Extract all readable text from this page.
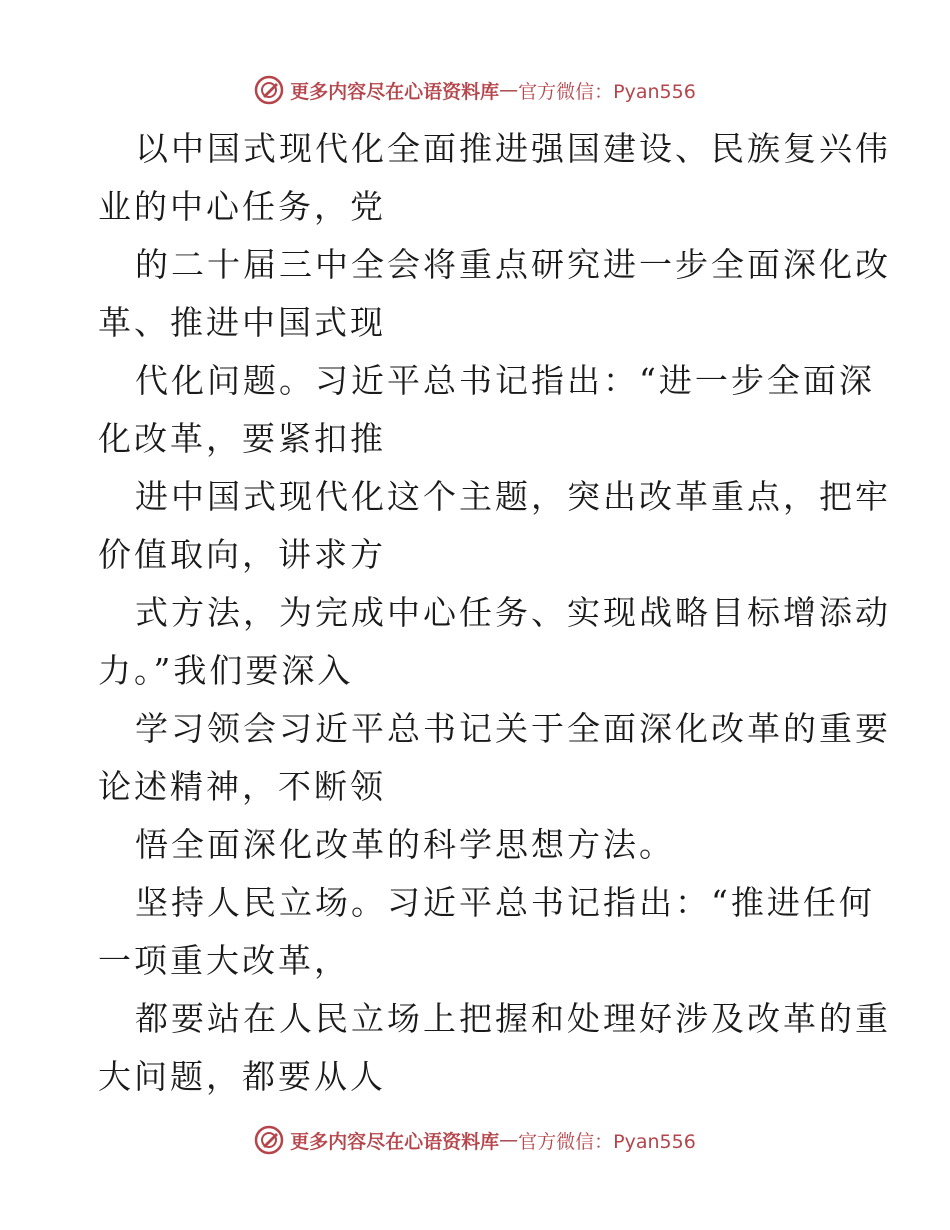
更多内容尽在心语资料库 — 官方微信：Pyan556
以中国式现代化全面推进强国建设、民族复兴伟
业的中心任务，党
的二十届三中全会将重点研究进一步全面深化改
革、推进中国式现
代化问题。习近平总书记指出：“进一步全面深
化改革，要紧扣推
进中国式现代化这个主题，突出改革重点，把牢
价值取向，讲求方
式方法，为完成中心任务、实现战略目标增添动
力。”我们要深入
学习领会习近平总书记关于全面深化改革的重要
论述精神，不断领
悟全面深化改革的科学思想方法。
坚持人民立场。习近平总书记指出：“推进任何
一项重大改革，
都要站在人民立场上把握和处理好涉及改革的重
大问题，都要从人
更多内容尽在心语资料库 — 官方微信：Pyan556
